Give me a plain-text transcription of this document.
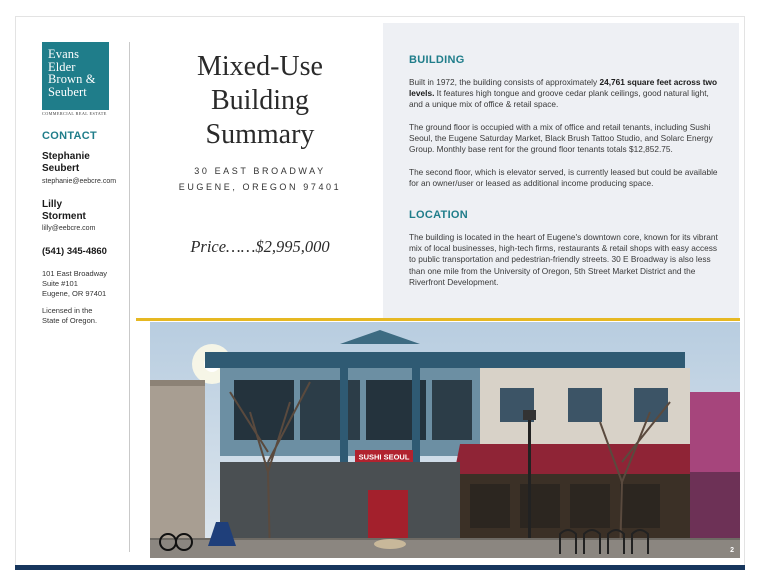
Evans
Elder
Brown &
Seubert
COMMERCIAL REAL ESTATE
CONTACT
Stephanie
Seubert
stephanie@eebcre.com
Lilly
Storment
lilly@eebcre.com
(541) 345-4860
101 East Broadway
Suite #101
Eugene, OR 97401
Licensed in the
State of Oregon.
Mixed-Use
Building
Summary
30 EAST BROADWAY
EUGENE, OREGON 97401
Price……$2,995,000
BUILDING
Built in 1972, the building consists of approximately 24,761 square feet across two levels. It features high tongue and groove cedar plank ceilings, good natural light, and a unique mix of office & retail space.
The ground floor is occupied with a mix of office and retail tenants, including Sushi Seoul, the Eugene Saturday Market, Black Brush Tattoo Studio, and Solarc Energy Group. Monthly base rent for the ground floor tenants totals $12,852.75.
The second floor, which is elevator served, is currently leased but could be available for an owner/user or leased as additional income producing space.
LOCATION
The building is located in the heart of Eugene's downtown core, known for its vibrant mix of local businesses, high-tech firms, restaurants & retail shops with easy access to public transportation and pedestrian-friendly streets. 30 E Broadway is also less than one mile from the University of Oregon, 5th Street Market District and the Riverfront Development.
SUSHI SEOUL
2
